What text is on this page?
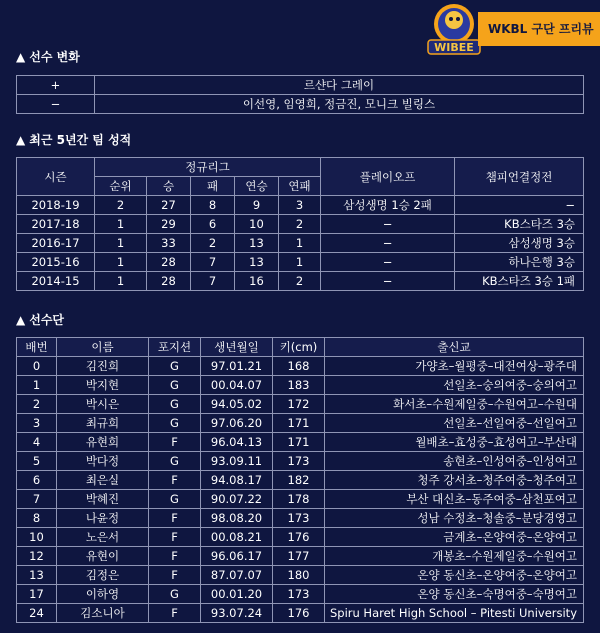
WIBEE
WKBL 구단 프리뷰
▲ 선수 변화
+	르샨다 그레이
−	이선영, 임영희, 정금진, 모니크 빌링스
▲ 최근 5년간 팀 성적
시즌	정규리그					플레이오프	챔피언결정전
	순위	승	패	연승	연패		
2018-19	2	27	8	9	3	삼성생명 1승 2패	−
2017-18	1	29	6	10	2	−	KB스타즈 3승
2016-17	1	33	2	13	1	−	삼성생명 3승
2015-16	1	28	7	13	1	−	하나은행 3승
2014-15	1	28	7	16	2	−	KB스타즈 3승 1패
▲ 선수단
배번	이름	포지션	생년월일	키(cm)	출신교
0	김진희	G	97.01.21	168	가양초–월평중–대전여상–광주대
1	박지현	G	00.04.07	183	선일초–숭의여중–숭의여고
2	박시은	G	94.05.02	172	화서초–수원제일중–수원여고–수원대
3	최규희	G	97.06.20	171	선일초–선일여중–선일여고
4	유현희	F	96.04.13	171	월배초–효성중–효성여고–부산대
5	박다정	G	93.09.11	173	송현초–인성여중–인성여고
6	최은실	F	94.08.17	182	청주 강서초–청주여중–청주여고
7	박혜진	G	90.07.22	178	부산 대신초–동주여중–삼천포여고
8	나윤정	F	98.08.20	173	성남 수정초–청솔중–분당경영고
10	노은서	F	00.08.21	176	금계초–온양여중–온양여고
12	유현이	F	96.06.17	177	개봉초–수원제일중–수원여고
13	김정은	F	87.07.07	180	온양 동신초–온양여중–온양여고
17	이하영	G	00.01.20	173	온양 동신초–숙명여중–숙명여고
24	김소니아	F	93.07.24	176	Spiru Haret High School – Pitesti University
